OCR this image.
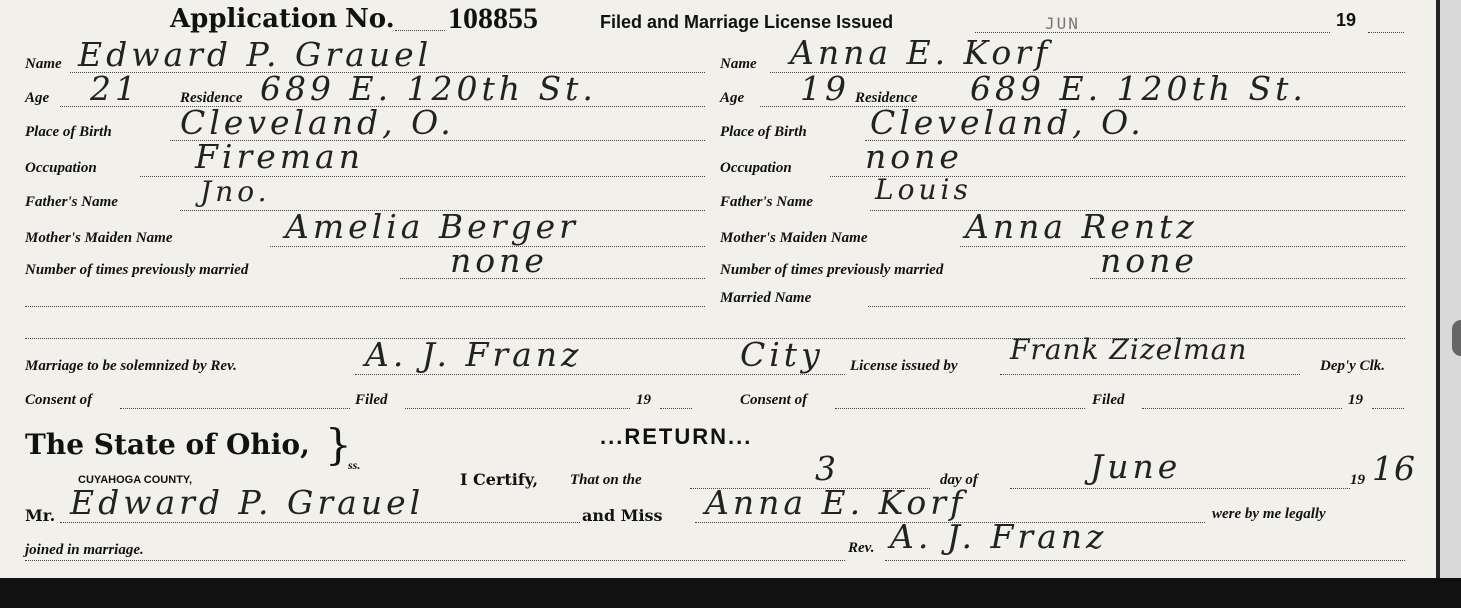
Application No. 108855	Filed and Marriage License Issued	JUN	19
Name Edward P. Grauel
Age 21	Residence 689 E. 120th St.
Place of Birth Cleveland, O.
Occupation	Fireman
Father's Name	Jno.
Mother's Maiden Name	Amelia Berger
Number of times previously married	none
Name Anna E. Korf
Age 19 Residence 689 E. 120th St.
Place of Birth Cleveland, O.
Occupation none
Father's Name Louis
Mother's Maiden Name	Anna Rentz
Number of times previously married	none
Married Name
Marriage to be solemnized by Rev.	A. J. Franz	City License issued by Frank Zizelman	Dep'y Clk.
Consent of	Filed	19	Consent of	Filed	19
The State of Ohio, }
ss.
CUYAHOGA COUNTY,
...RETURN...
I Certify, That on the	3	day of	June	19 16
Mr. Edward P. Grauel	and Miss Anna E. Korf	were by me legally
joined in marriage.	Rev. A. J. Franz
